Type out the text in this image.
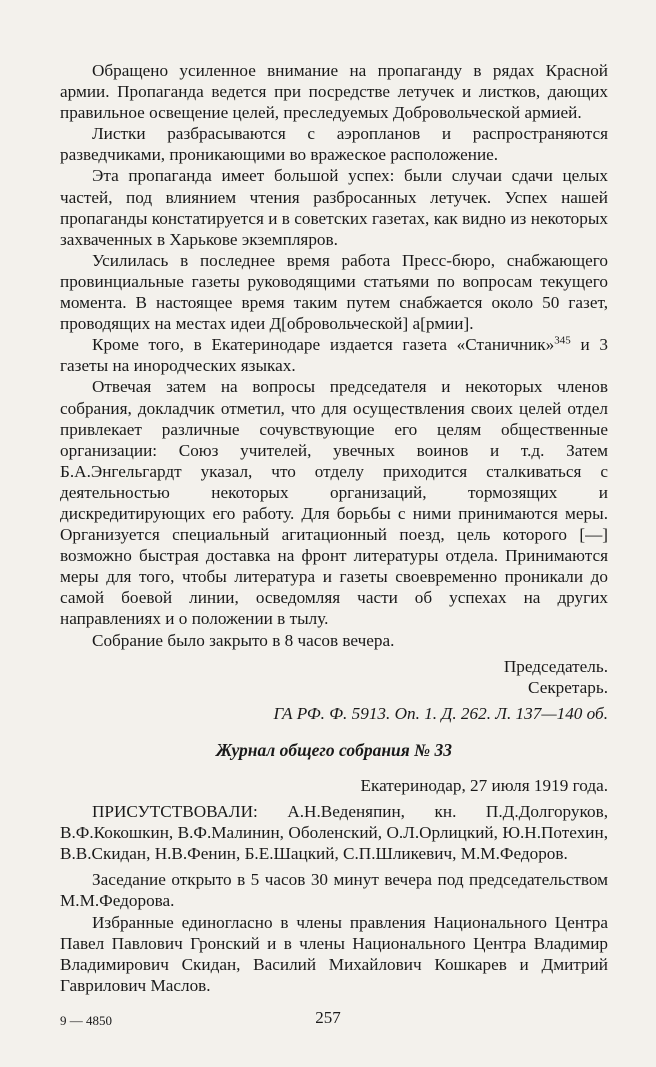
Обращено усиленное внимание на пропаганду в рядах Красной армии. Пропаганда ведется при посредстве летучек и листков, дающих правильное освещение целей, преследуемых Добровольческой армией.

Листки разбрасываются с аэропланов и распространяются разведчиками, проникающими во вражеское расположение.

Эта пропаганда имеет большой успех: были случаи сдачи целых частей, под влиянием чтения разбросанных летучек. Успех нашей пропаганды констатируется и в советских газетах, как видно из некоторых захваченных в Харькове экземпляров.

Усилилась в последнее время работа Пресс-бюро, снабжающего провинциальные газеты руководящими статьями по вопросам текущего момента. В настоящее время таким путем снабжается около 50 газет, проводящих на местах идеи Д[обровольческой] а[рмии].

Кроме того, в Екатеринодаре издается газета «Станичник»$^{345}$ и 3 газеты на инородческих языках.

Отвечая затем на вопросы председателя и некоторых членов собрания, докладчик отметил, что для осуществления своих целей отдел привлекает различные сочувствующие его целям общественные организации: Союз учителей, увечных воинов и т.д. Затем Б.А.Энгельгардт указал, что отделу приходится сталкиваться с деятельностью некоторых организаций, тормозящих и дискредитирующих его работу. Для борьбы с ними принимаются меры. Организуется специальный агитационный поезд, цель которого [—] возможно быстрая доставка на фронт литературы отдела. Принимаются меры для того, чтобы литература и газеты своевременно проникали до самой боевой линии, осведомляя части об успехах на других направлениях и о положении в тылу.

Собрание было закрыто в 8 часов вечера.

Председатель.

Секретарь.

ГА РФ. Ф. 5913. Оп. 1. Д. 262. Л. 137—140 об.

Журнал общего собрания № 33

Екатеринодар, 27 июля 1919 года.

ПРИСУТСТВОВАЛИ: А.Н.Веденяпин, кн. П.Д.Долгоруков, В.Ф.Кокошкин, В.Ф.Малинин, Оболенский, О.Л.Орлицкий, Ю.Н.Потехин, В.В.Скидан, Н.В.Фенин, Б.Е.Шацкий, С.П.Шликевич, М.М.Федоров.

Заседание открыто в 5 часов 30 минут вечера под председательством М.М.Федорова.

Избранные единогласно в члены правления Национального Центра Павел Павлович Гронский и в члены Национального Центра Владимир Владимирович Скидан, Василий Михайлович Кошкарев и Дмитрий Гаврилович Маслов.

9 — 4850	257
